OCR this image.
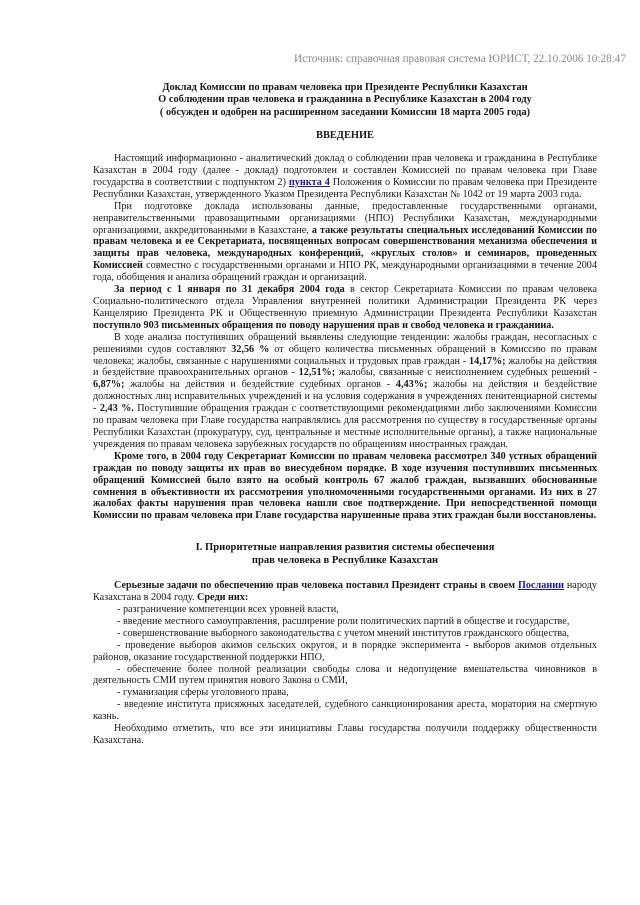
Источник: справочная правовая система ЮРИСТ, 22.10.2006 10:28:47
Доклад Комиссии по правам человека при Президенте Республики Казахстан
О соблюдении прав человека и гражданина в Республике Казахстан в 2004 году
( обсужден и одобрен на расширенном заседании Комиссии 18 марта 2005 года)
ВВЕДЕНИЕ

Настоящий информационно - аналитический доклад о соблюдении прав человека и гражданина в Республике Казахстан в 2004 году (далее - доклад) подготовлен и составлен Комиссией по правам человека при Главе государства в соответствии с подпунктом 2) пункта 4 Положения о Комиссии по правам человека при Президенте Республики Казахстан, утвержденного Указом Президента Республики Казахстан № 1042 от 19 марта 2003 года.

При подготовке доклада использованы данные, предоставленные государственными органами, неправительственными правозащитными организациями (НПО) Республики Казахстан, международными организациями, аккредитованными в Казахстане, а также результаты специальных исследований Комиссии по правам человека и ее Секретариата, посвященных вопросам совершенствования механизма обеспечения и защиты прав человека, международных конференций, «круглых столов» и семинаров, проведенных Комиссией совместно с государственными органами и НПО РК, международными организациями в течение 2004 года, обобщения и анализа обращений граждан и организаций.

За период с 1 января по 31 декабря 2004 года в сектор Секретариата Комиссии по правам человека Социально-политического отдела Управления внутренней политики Администрации Президента РК через Канцелярию Президента РК и Общественную приемную Администрации Президента Республики Казахстан поступило 903 письменных обращения по поводу нарушения прав и свобод человека и гражданина.

В ходе анализа поступивших обращений выявлены следующие тенденции: жалобы граждан, несогласных с решениями судов составляют 32,56 % от общего количества письменных обращений в Комиссию по правам человека; жалобы, связанные с нарушениями социальных и трудовых прав граждан - 14,17%; жалобы на действия и бездействие правоохранительных органов - 12,51%; жалобы, связанные с неисполнением судебных решений - 6,87%; жалобы на действия и бездействие судебных органов - 4,43%; жалобы на действия и бездействие должностных лиц исправительных учреждений и на условия содержания в учреждениях пенитенциарной системы - 2,43 %. Поступившие обращения граждан с соответствующими рекомендациями либо заключениями Комиссии по правам человека при Главе государства направлялись для рассмотрения по существу в государственные органы Республики Казахстан (прокуратуру, суд, центральные и местные исполнительные органы), а также национальные учреждения по правам человека зарубежных государств по обращениям иностранных граждан.

Кроме того, в 2004 году Секретариат Комиссии по правам человека рассмотрел 340 устных обращений граждан по поводу защиты их прав во внесудебном порядке. В ходе изучения поступивших письменных обращений Комиссией было взято на особый контроль 67 жалоб граждан, вызвавших обоснованные сомнения в объективности их рассмотрения уполномоченными государственными органами. Из них в 27 жалобах факты нарушения прав человека нашли свое подтверждение. При непосредственной помощи Комиссии по правам человека при Главе государства нарушенные права этих граждан были восстановлены.

I. Приоритетные направления развития системы обеспечения
прав человека в Республике Казахстан

Серьезные задачи по обеспечению прав человека поставил Президент страны в своем Послании народу Казахстана в 2004 году. Среди них:

- разграничение компетенции всех уровней власти,

- введение местного самоуправления, расширение роли политических партий в обществе и государстве,

- совершенствование выборного законодательства с учетом мнений институтов гражданского общества,

- проведение выборов акимов сельских округов, и в порядке эксперимента - выборов акимов отдельных районов, оказание государственной поддержки НПО,

- обеспечение более полной реализации свободы слова и недопущение вмешательства чиновников в деятельность СМИ путем принятия нового Закона о СМИ,

- гуманизация сферы уголовного права,

- введение института присяжных заседателей, судебного санкционирования ареста, моратория на смертную казнь.

Необходимо отметить, что все эти инициативы Главы государства получили поддержку общественности Казахстана.
